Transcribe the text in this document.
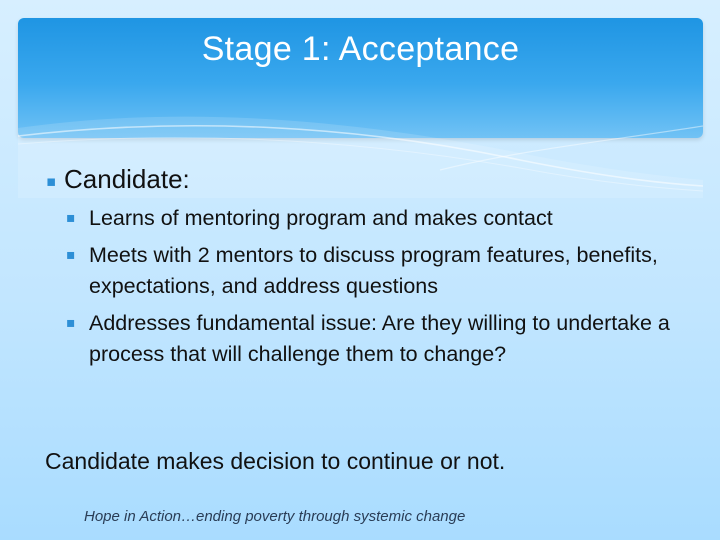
Stage 1: Acceptance
▪ Candidate:
▪ Learns of mentoring program and makes contact
▪ Meets with 2 mentors to discuss program features, benefits, expectations, and address questions
▪ Addresses fundamental issue: Are they willing to undertake a process that will challenge them to change?
Candidate makes decision to continue or not.
Hope in Action…ending poverty through systemic change
